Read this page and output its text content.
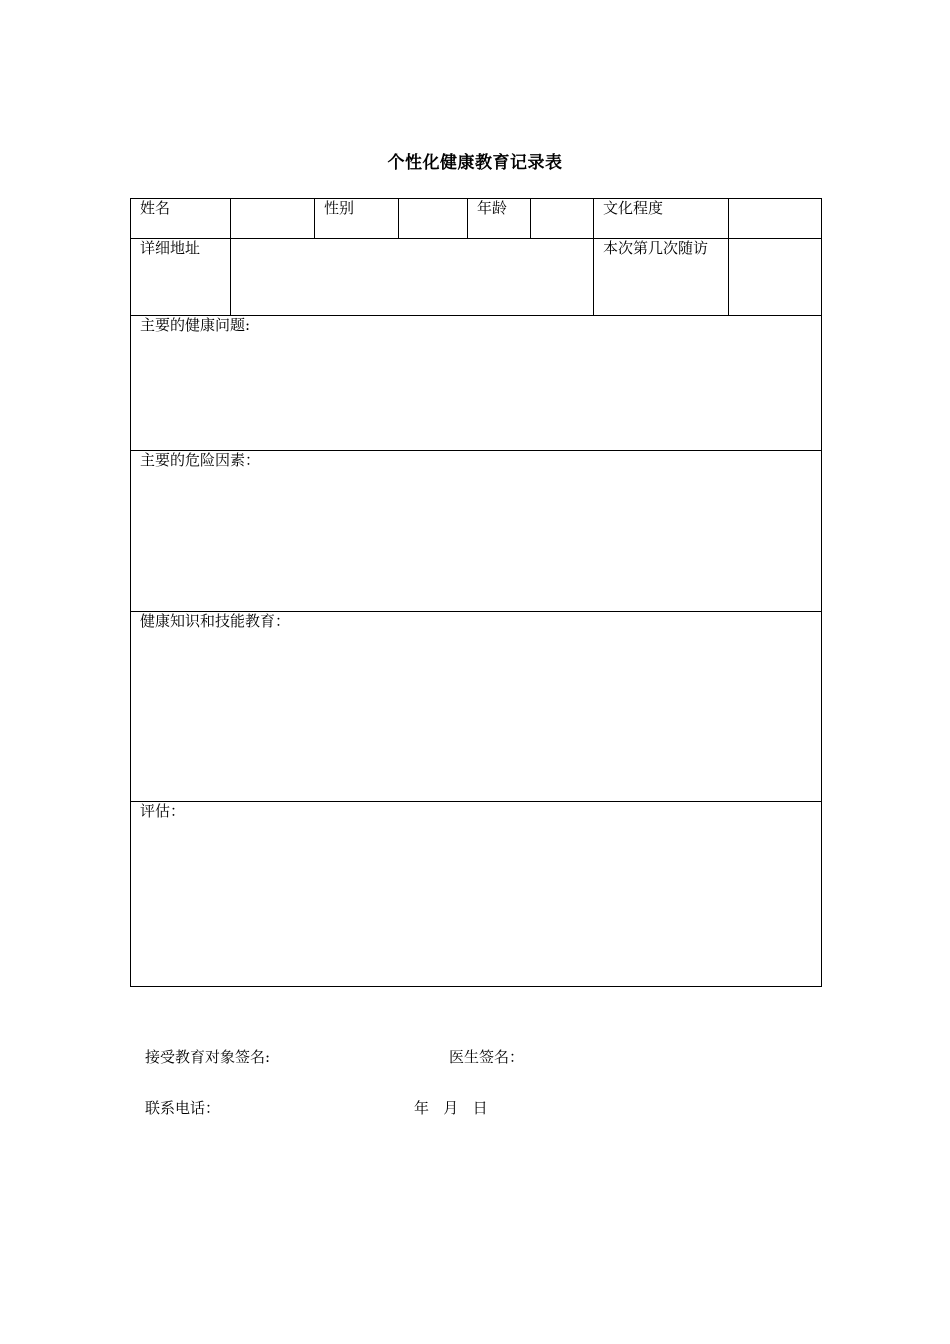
个性化健康教育记录表
姓名		性别		年龄		文化程度	

详细地址						本次第几次随访	

主要的健康问题:							

主要的危险因素：							

健康知识和技能教育：							

评估：							
接受教育对象签名:	医生签名：
联系电话：	年   月   日
